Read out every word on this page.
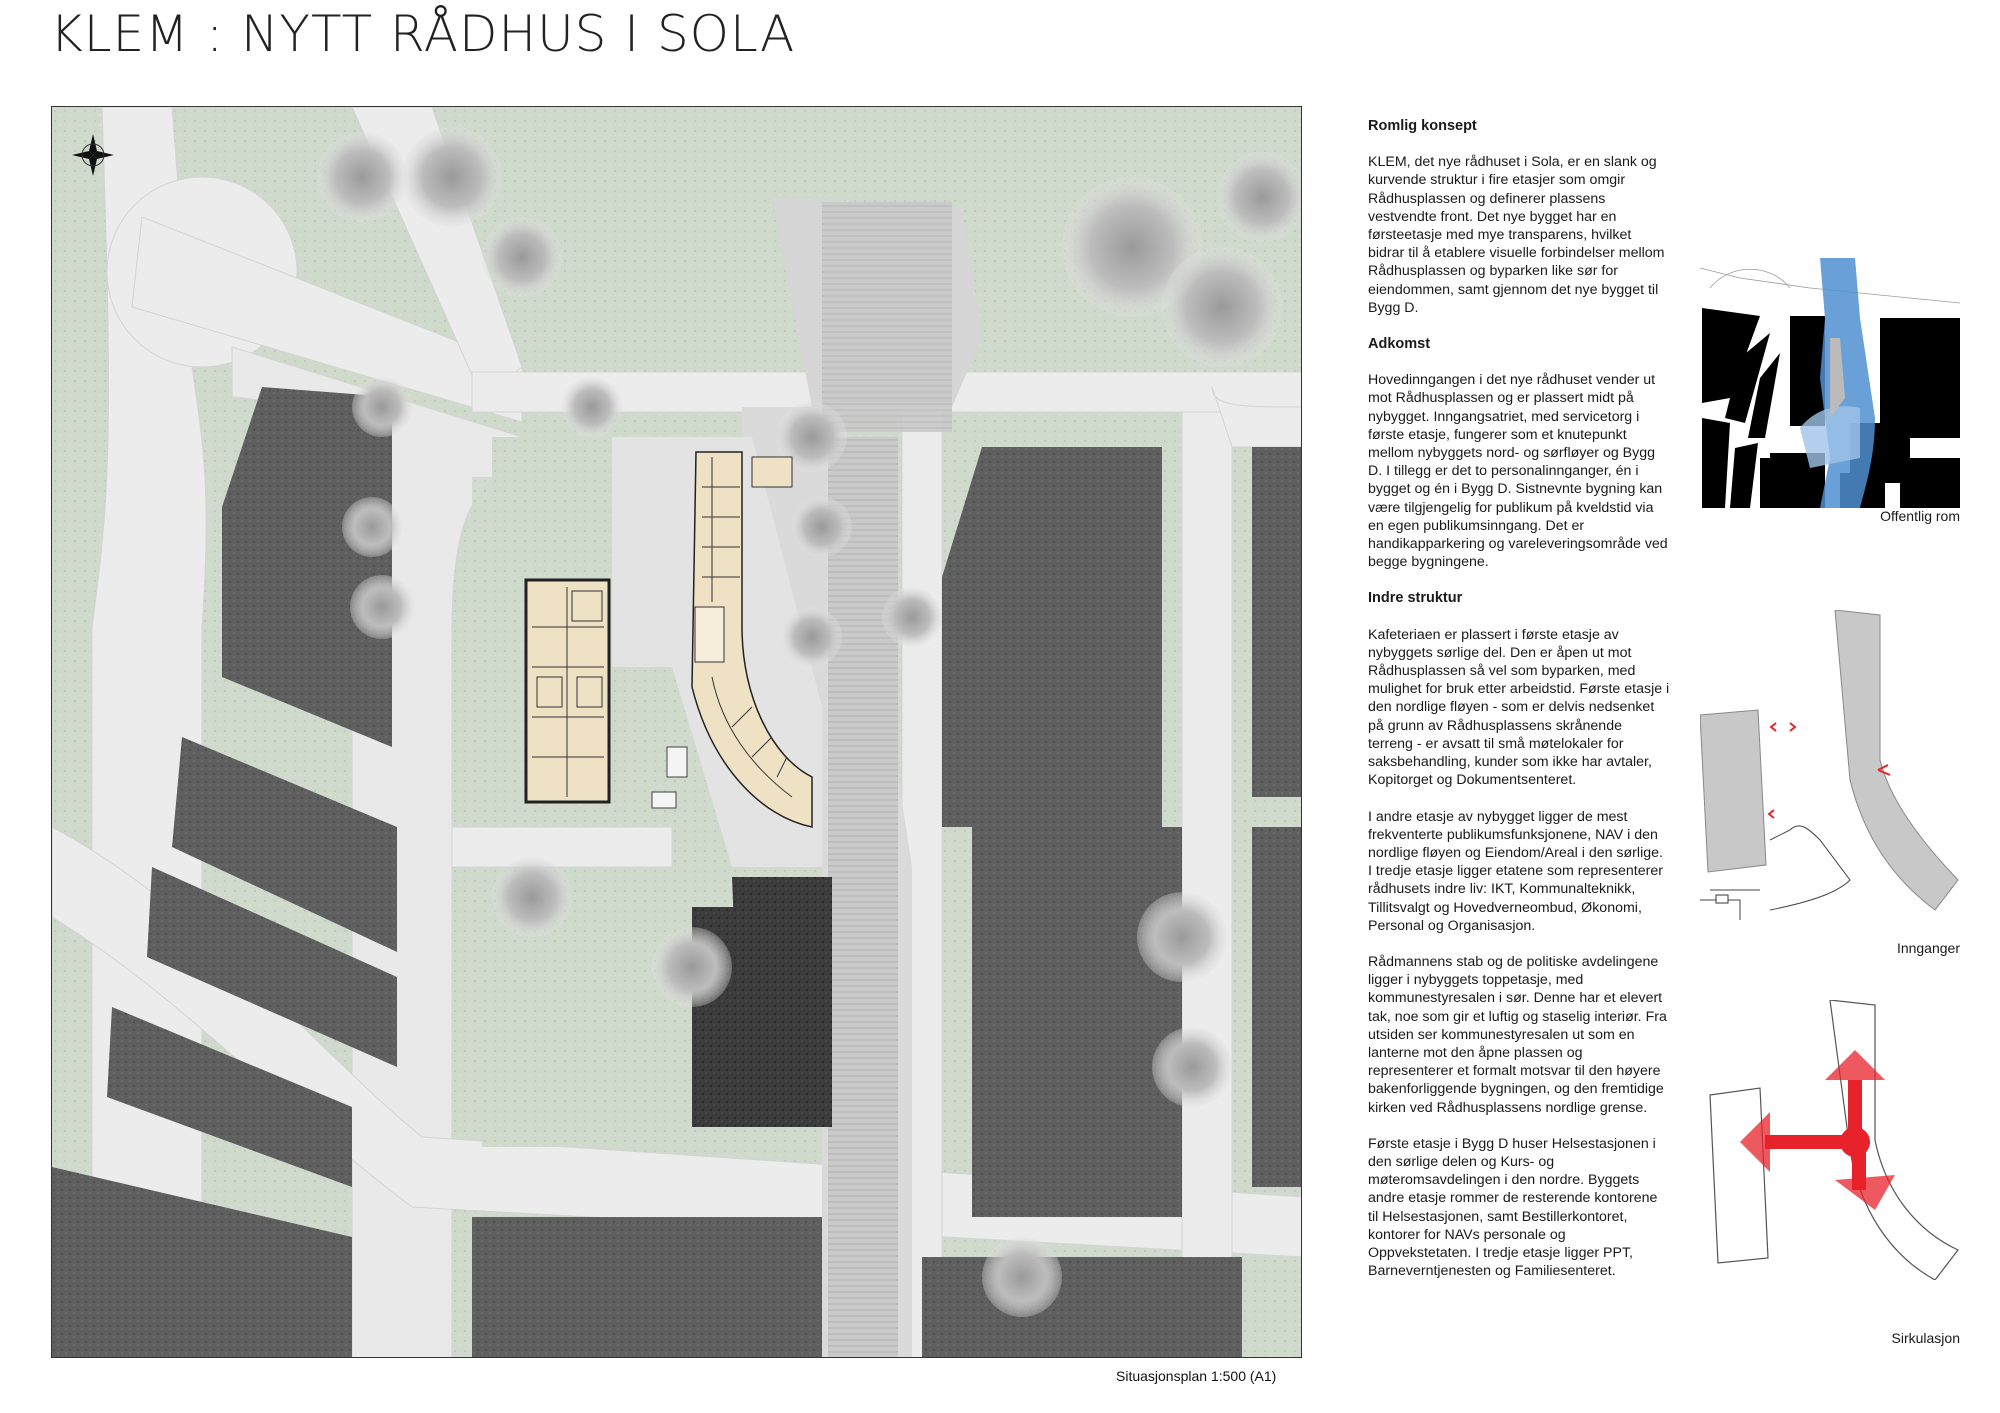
KLEM : NYTT RÅDHUS I SOLA
Situasjonsplan 1:500 (A1)
Romlig konsept

KLEM, det nye rådhuset i Sola, er en slank og kurvende struktur i fire etasjer som omgir Rådhusplassen og definerer plassens vestvendte front. Det nye bygget har en førsteetasje med mye transparens, hvilket bidrar til å etablere visuelle forbindelser mellom Rådhusplassen og byparken like sør for eiendommen, samt gjennom det nye bygget til Bygg D.

Adkomst

Hovedinngangen i det nye rådhuset vender ut mot Rådhusplassen og er plassert midt på nybygget. Inngangsatriet, med servicetorg i første etasje, fungerer som et knutepunkt mellom nybyggets nord- og sørfløyer og Bygg D. I tillegg er det to personalinnganger, én i bygget og én i Bygg D. Sistnevnte bygning kan være tilgjengelig for publikum på kveldstid via en egen publikumsinngang. Det er handikapparkering og vareleveringsområde ved begge bygningene.

Indre struktur

Kafeteriaen er plassert i første etasje av nybyggets sørlige del. Den er åpen ut mot Rådhusplassen så vel som byparken, med mulighet for bruk etter arbeidstid. Første etasje i den nordlige fløyen - som er delvis nedsenket på grunn av Rådhusplassens skrånende terreng - er avsatt til små møtelokaler for saksbehandling, kunder som ikke har avtaler, Kopitorget og Dokumentsenteret.

I andre etasje av nybygget ligger de mest frekventerte publikumsfunksjonene, NAV i den nordlige fløyen og Eiendom/Areal i den sørlige. I tredje etasje ligger etatene som representerer rådhusets indre liv: IKT, Kommunalteknikk, Tillitsvalgt og Hovedverneombud, Økonomi, Personal og Organisasjon.

Rådmannens stab og de politiske avdelingene ligger i nybyggets toppetasje, med kommunestyresalen i sør. Denne har et elevert tak, noe som gir et luftig og staselig interiør. Fra utsiden ser kommunestyresalen ut som en lanterne mot den åpne plassen og representerer et formalt motsvar til den høyere bakenforliggende bygningen, og den fremtidige kirken ved Rådhusplassens nordlige grense.

Første etasje i Bygg D huser Helsestasjonen i den sørlige delen og Kurs- og møteromsavdelingen i den nordre. Byggets andre etasje rommer de resterende kontorene til Helsestasjonen, samt Bestillerkontoret, kontorer for NAVs personale og Oppvekstetaten. I tredje etasje ligger PPT, Barneverntjenesten og Familiesenteret.

Offentlig rom
Innganger
Sirkulasjon
